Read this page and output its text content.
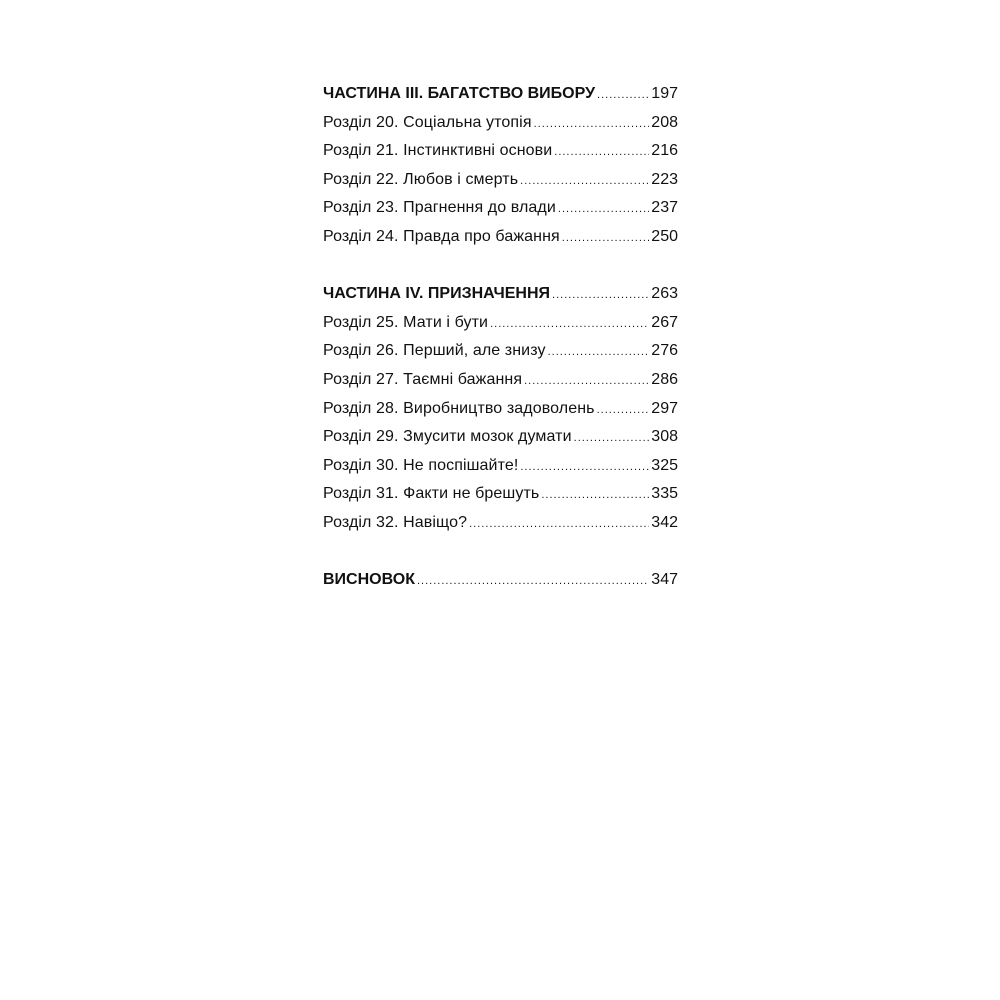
ЧАСТИНА III. БАГАТСТВО ВИБОРУ .....	197
Розділ 20. Соціальна утопія .....	208
Розділ 21. Інстинктивні основи .....	216
Розділ 22. Любов і смерть .....	223
Розділ 23. Прагнення до влади .....	237
Розділ 24. Правда про бажання .....	250
ЧАСТИНА IV. ПРИЗНАЧЕННЯ .....	263
Розділ 25. Мати і бути .....	267
Розділ 26. Перший, але знизу .....	276
Розділ 27. Таємні бажання .....	286
Розділ 28. Виробництво задоволень .....	297
Розділ 29. Змусити мозок думати .....	308
Розділ 30. Не поспішайте! .....	325
Розділ 31. Факти не брешуть .....	335
Розділ 32. Навіщо? .....	342
ВИСНОВОК .....	347
